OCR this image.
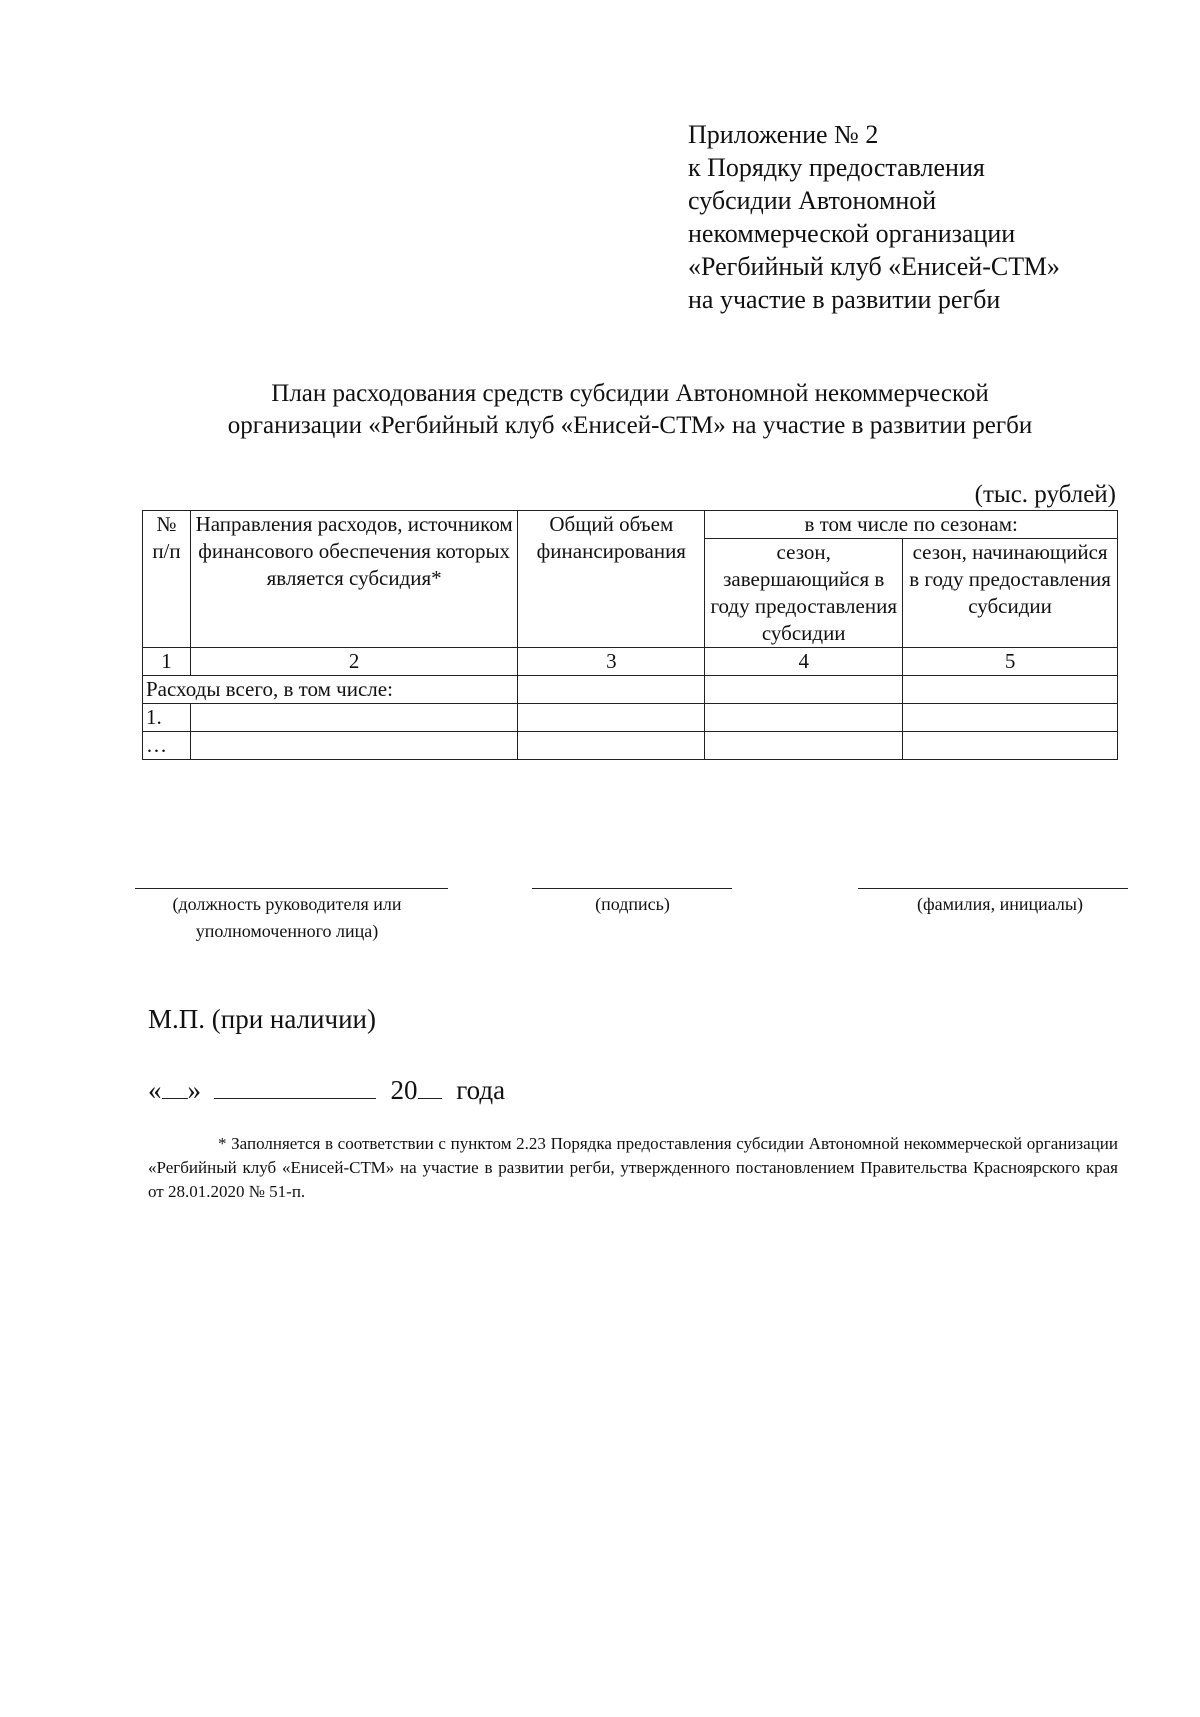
Приложение № 2
к Порядку предоставления
субсидии Автономной
некоммерческой организации
«Регбийный клуб «Енисей-СТМ»
на участие в развитии регби
План расходования средств субсидии Автономной некоммерческой
организации «Регбийный клуб «Енисей-СТМ» на участие в развитии регби
(тыс. рублей)
№ п/п	Направления расходов, источником финансового обеспечения которых является субсидия*	Общий объем финансирования	в том числе по сезонам:	
			сезон, завершающийся в году предоставления субсидии	сезон, начинающийся в году предоставления субсидии
1	2	3	4	5
Расходы всего, в том числе:				
1.				
…				
(должность руководителя или уполномоченного лица)
(подпись)	(фамилия, инициалы)
М.П. (при наличии)
« »	20 года
* Заполняется в соответствии с пунктом 2.23 Порядка предоставления субсидии Автономной некоммерческой организации «Регбийный клуб «Енисей-СТМ» на участие в развитии регби, утвержденного постановлением Правительства Красноярского края от 28.01.2020 № 51-п.
